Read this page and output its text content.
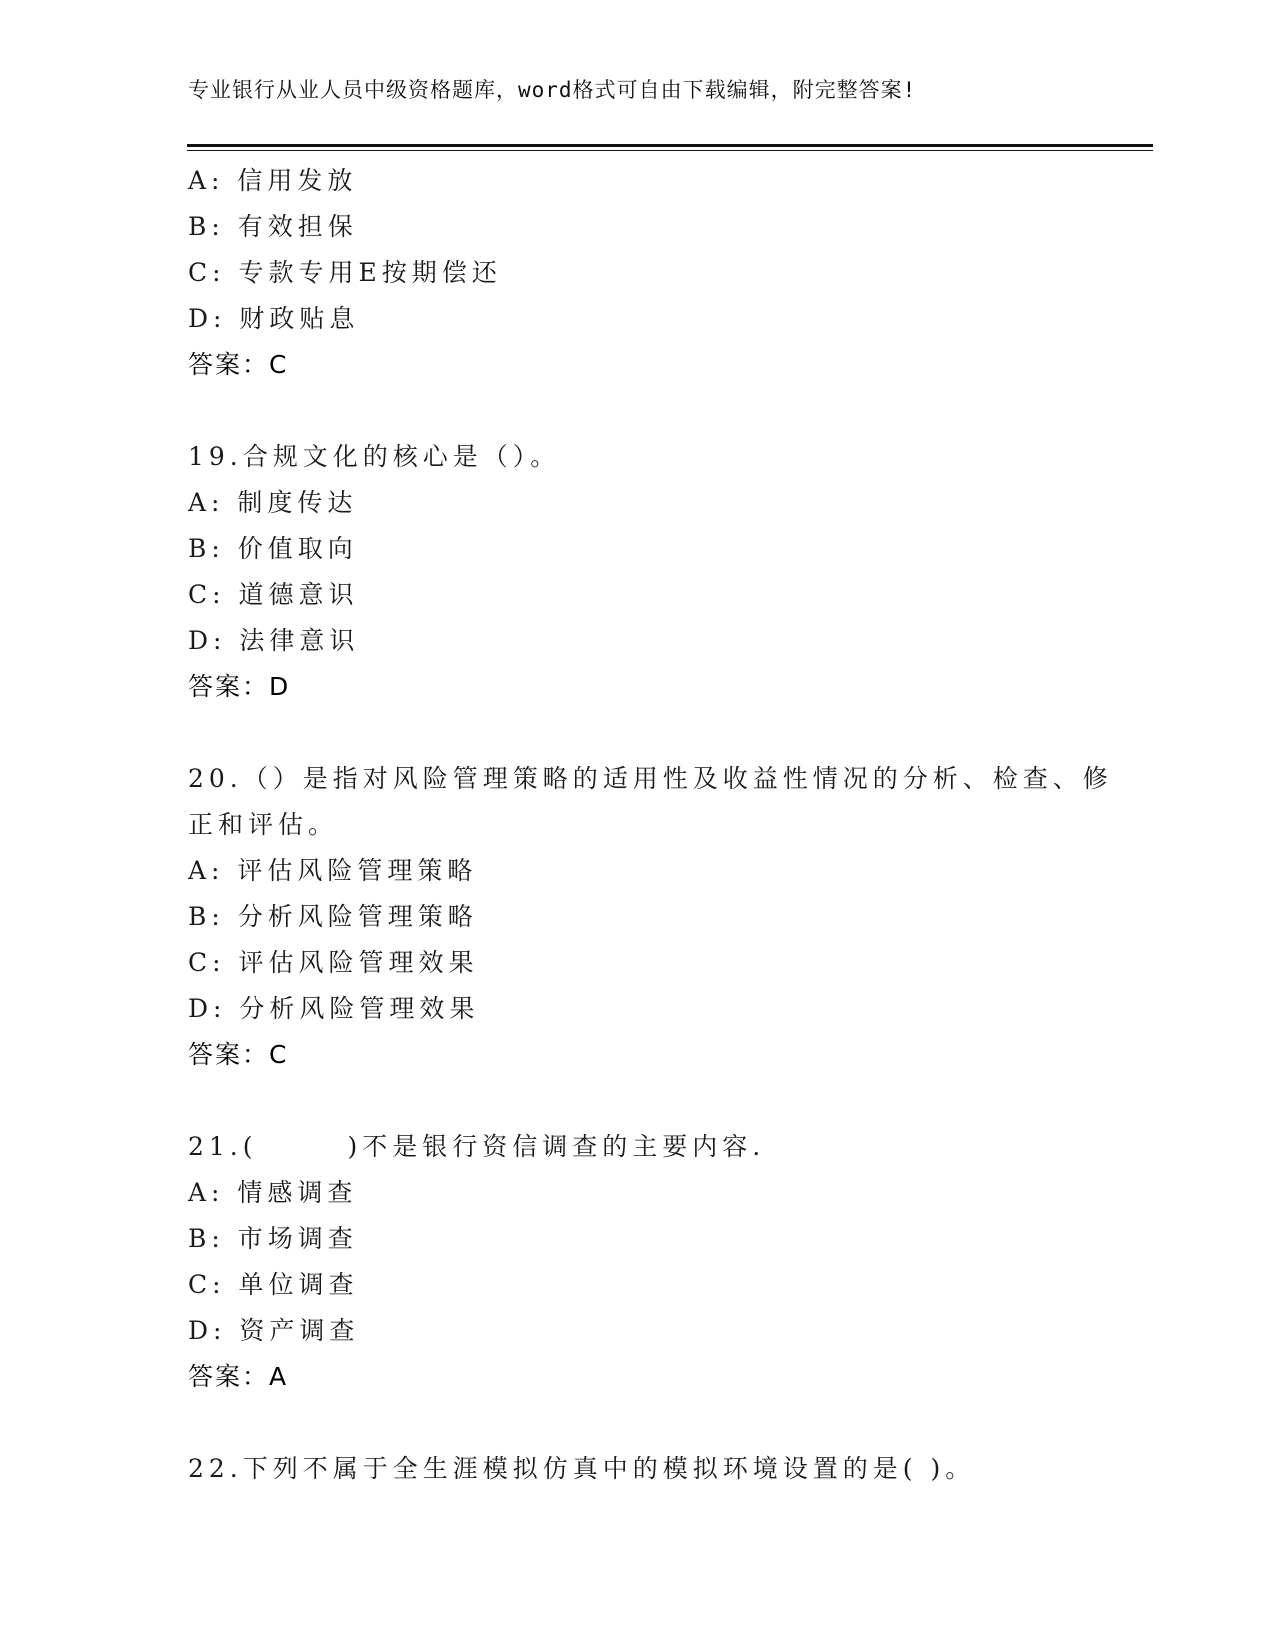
专业银行从业人员中级资格题库，word格式可自由下载编辑，附完整答案!
A: 信用发放
B: 有效担保
C: 专款专用E按期偿还
D: 财政贴息
答案：C
19.合规文化的核心是（）。
A: 制度传达
B: 价值取向
C: 道德意识
D: 法律意识
答案：D
20.（）是指对风险管理策略的适用性及收益性情况的分析、检查、修
正和评估。
A: 评估风险管理策略
B: 分析风险管理策略
C: 评估风险管理效果
D: 分析风险管理效果
答案：C
21.(　　　)不是银行资信调查的主要内容.
A: 情感调查
B: 市场调查
C: 单位调查
D: 资产调查
答案：A
22.下列不属于全生涯模拟仿真中的模拟环境设置的是( )。
